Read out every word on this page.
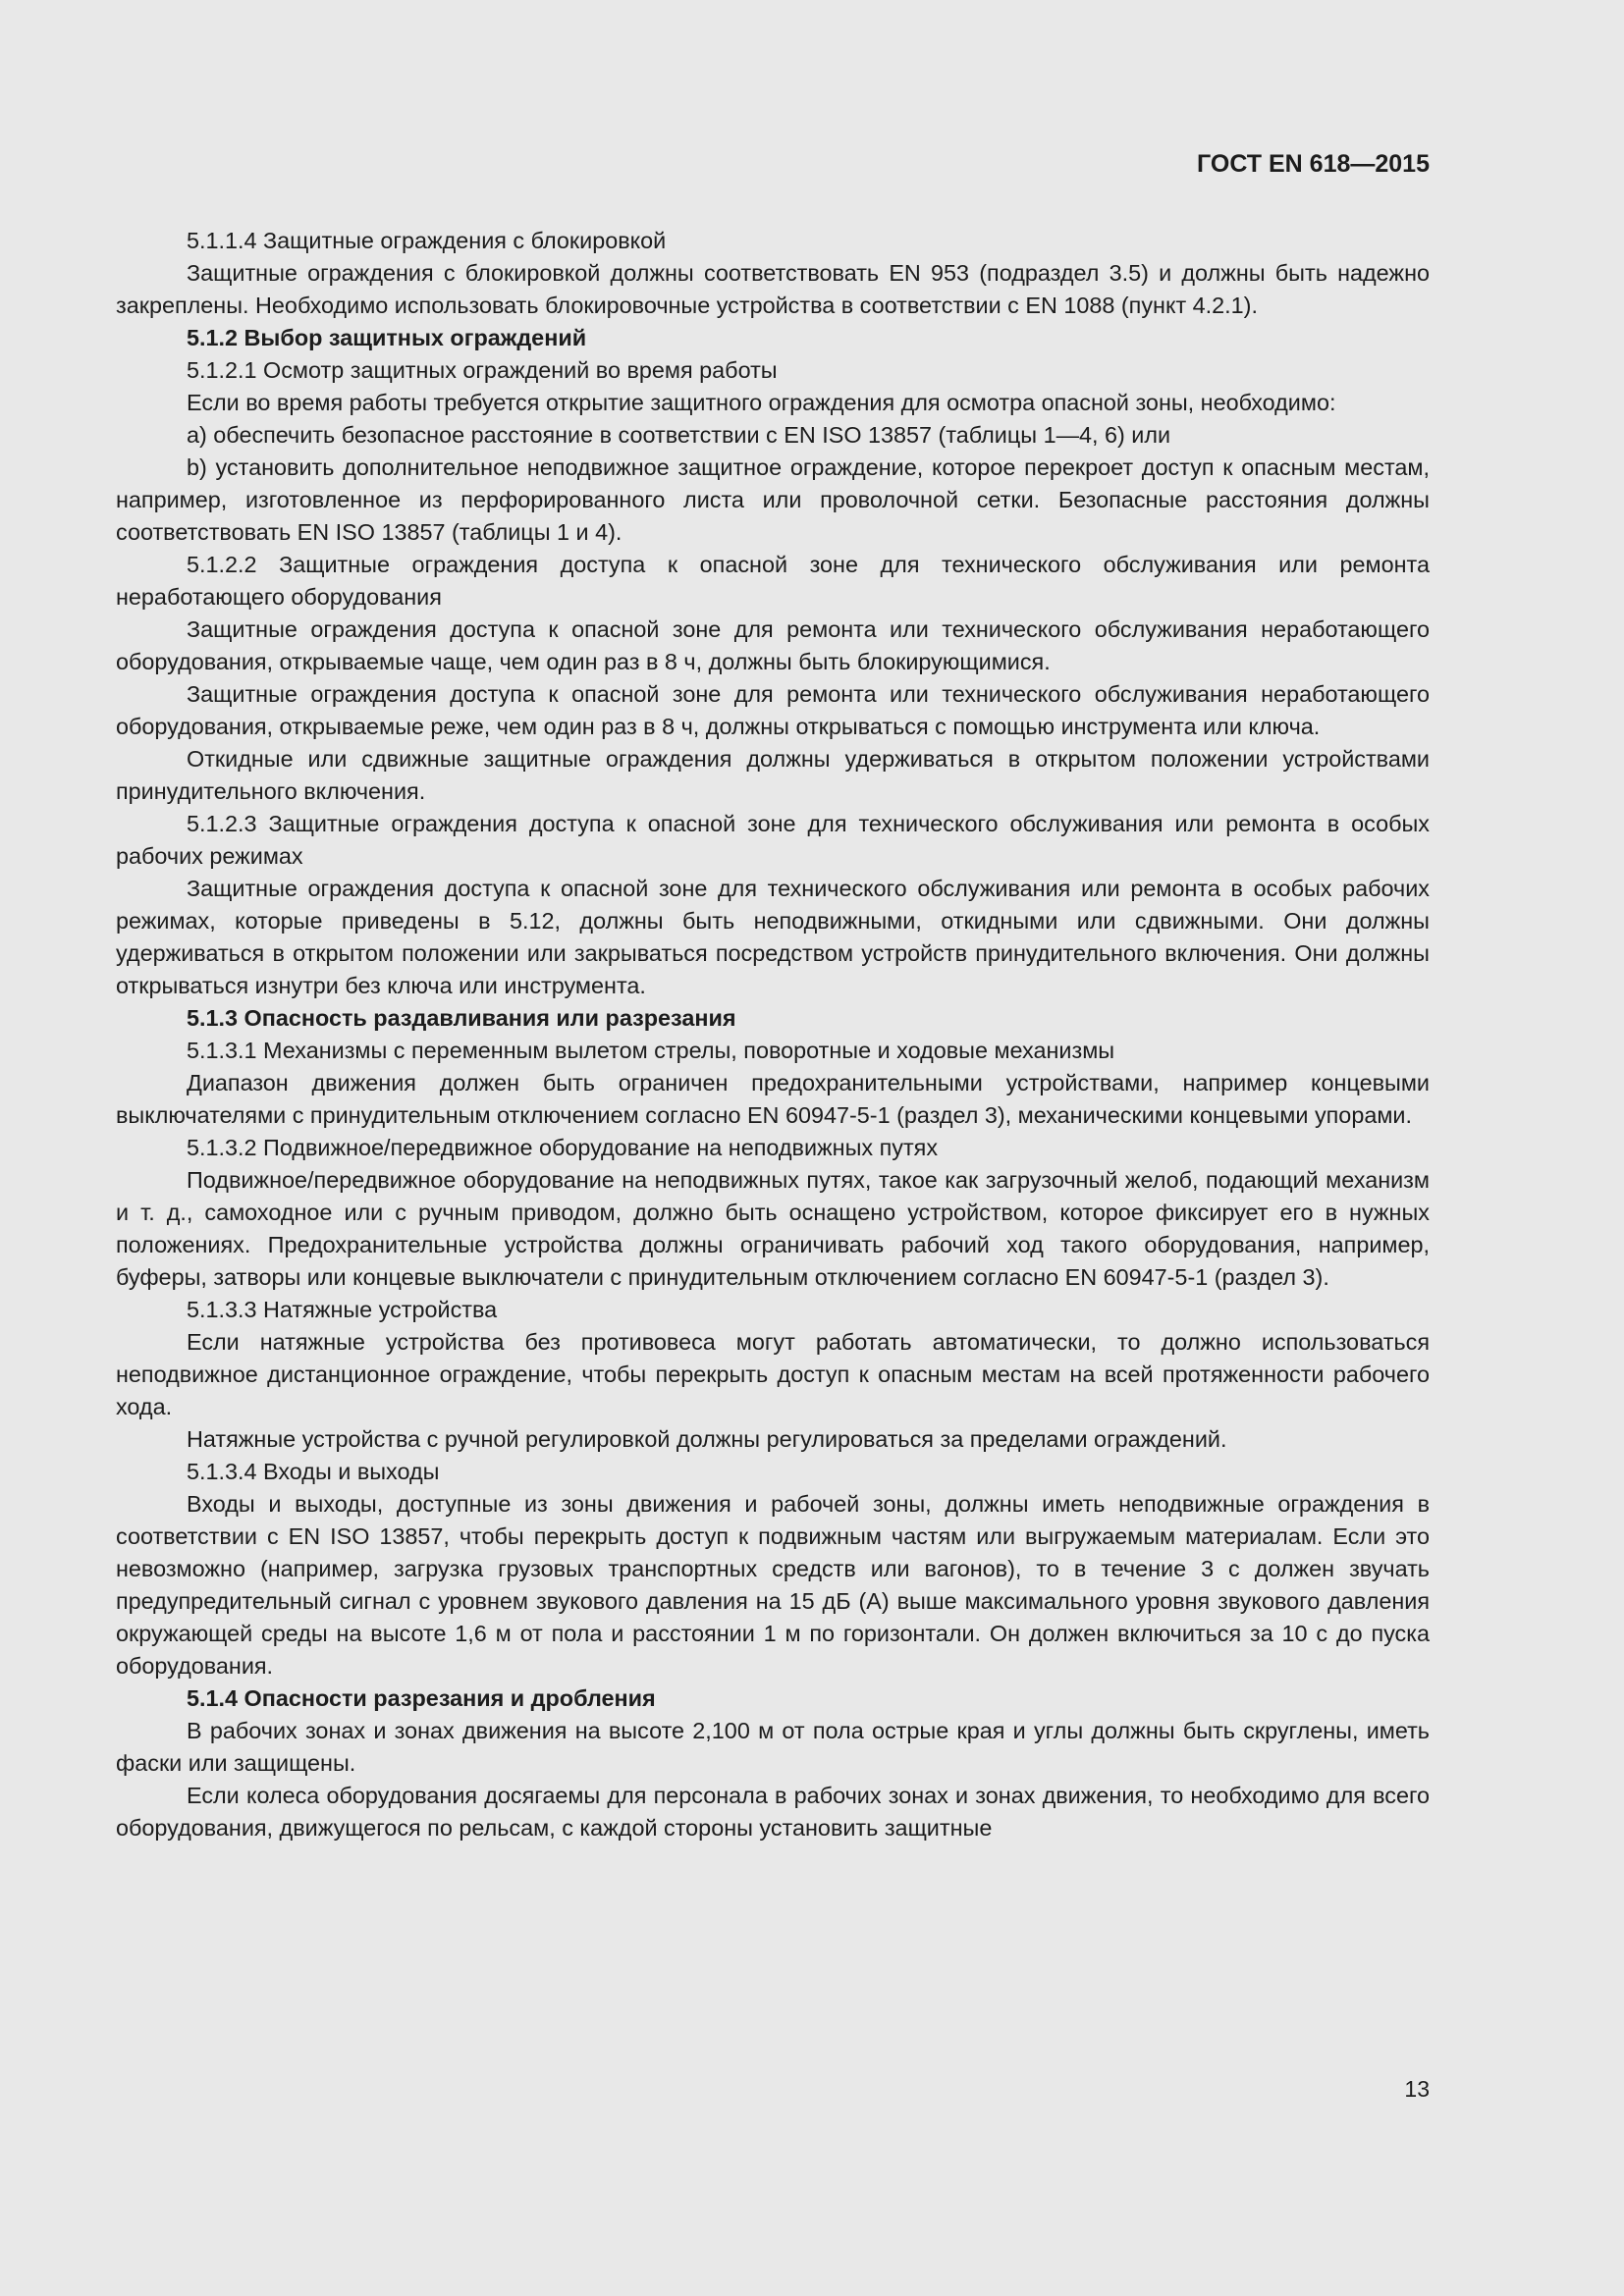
ГОСТ EN 618—2015

5.1.1.4 Защитные ограждения с блокировкой

Защитные ограждения с блокировкой должны соответствовать EN 953 (подраздел 3.5) и должны быть надежно закреплены. Необходимо использовать блокировочные устройства в соответствии с EN 1088 (пункт 4.2.1).

5.1.2 Выбор защитных ограждений

5.1.2.1 Осмотр защитных ограждений во время работы

Если во время работы требуется открытие защитного ограждения для осмотра опасной зоны, необходимо:

a) обеспечить безопасное расстояние в соответствии с EN ISO 13857 (таблицы 1—4, 6) или

b) установить дополнительное неподвижное защитное ограждение, которое перекроет доступ к опасным местам, например, изготовленное из перфорированного листа или проволочной сетки. Безопасные расстояния должны соответствовать EN ISO 13857 (таблицы 1 и 4).

5.1.2.2 Защитные ограждения доступа к опасной зоне для технического обслуживания или ремонта неработающего оборудования

Защитные ограждения доступа к опасной зоне для ремонта или технического обслуживания неработающего оборудования, открываемые чаще, чем один раз в 8 ч, должны быть блокирующимися.

Защитные ограждения доступа к опасной зоне для ремонта или технического обслуживания неработающего оборудования, открываемые реже, чем один раз в 8 ч, должны открываться с помощью инструмента или ключа.

Откидные или сдвижные защитные ограждения должны удерживаться в открытом положении устройствами принудительного включения.

5.1.2.3 Защитные ограждения доступа к опасной зоне для технического обслуживания или ремонта в особых рабочих режимах

Защитные ограждения доступа к опасной зоне для технического обслуживания или ремонта в особых рабочих режимах, которые приведены в 5.12, должны быть неподвижными, откидными или сдвижными. Они должны удерживаться в открытом положении или закрываться посредством устройств принудительного включения. Они должны открываться изнутри без ключа или инструмента.

5.1.3 Опасность раздавливания или разрезания

5.1.3.1 Механизмы с переменным вылетом стрелы, поворотные и ходовые механизмы

Диапазон движения должен быть ограничен предохранительными устройствами, например концевыми выключателями с принудительным отключением согласно EN 60947-5-1 (раздел 3), механическими концевыми упорами.

5.1.3.2 Подвижное/передвижное оборудование на неподвижных путях

Подвижное/передвижное оборудование на неподвижных путях, такое как загрузочный желоб, подающий механизм и т. д., самоходное или с ручным приводом, должно быть оснащено устройством, которое фиксирует его в нужных положениях. Предохранительные устройства должны ограничивать рабочий ход такого оборудования, например, буферы, затворы или концевые выключатели с принудительным отключением согласно EN 60947-5-1 (раздел 3).

5.1.3.3 Натяжные устройства

Если натяжные устройства без противовеса могут работать автоматически, то должно использоваться неподвижное дистанционное ограждение, чтобы перекрыть доступ к опасным местам на всей протяженности рабочего хода.

Натяжные устройства с ручной регулировкой должны регулироваться за пределами ограждений.

5.1.3.4 Входы и выходы

Входы и выходы, доступные из зоны движения и рабочей зоны, должны иметь неподвижные ограждения в соответствии с EN ISO 13857, чтобы перекрыть доступ к подвижным частям или выгружаемым материалам. Если это невозможно (например, загрузка грузовых транспортных средств или вагонов), то в течение 3 с должен звучать предупредительный сигнал с уровнем звукового давления на 15 дБ (А) выше максимального уровня звукового давления окружающей среды на высоте 1,6 м от пола и расстоянии 1 м по горизонтали. Он должен включиться за 10 с до пуска оборудования.

5.1.4 Опасности разрезания и дробления

В рабочих зонах и зонах движения на высоте 2,100 м от пола острые края и углы должны быть скруглены, иметь фаски или защищены.

Если колеса оборудования досягаемы для персонала в рабочих зонах и зонах движения, то необходимо для всего оборудования, движущегося по рельсам, с каждой стороны установить защитные

13
